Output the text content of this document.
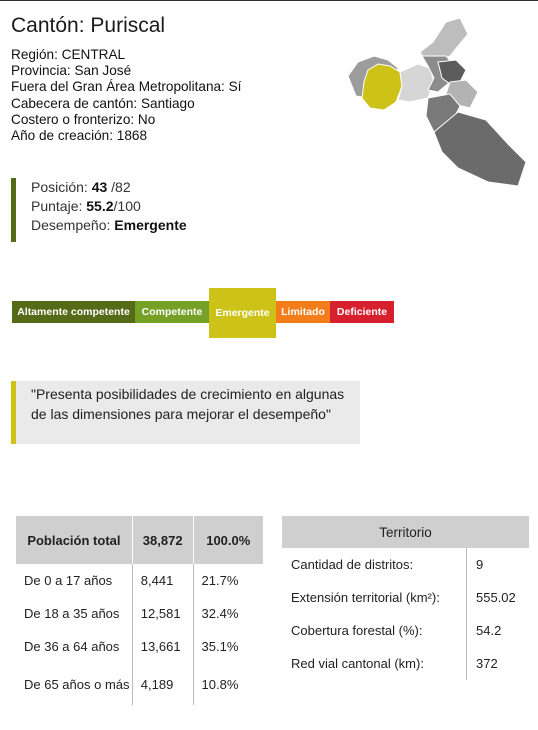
Cantón: Puriscal
Región: CENTRAL
Provincia: San José
Fuera del Gran Área Metropolitana: Sí
Cabecera de cantón: Santiago
Costero o fronterizo: No
Año de creación: 1868
Posición: 43 /82
Puntaje: 55.2/100
Desempeño: Emergente
Altamente competente	Competente	Emergente	Limitado	Deficiente
"Presenta posibilidades de crecimiento en algunas de las dimensiones para mejorar el desempeño"
Población total	38,872	100.0%
De 0 a 17 años	8,441	21.7%
De 18 a 35 años	12,581	32.4%
De 36 a 64 años	13,661	35.1%
De 65 años o más	4,189	10.8%
Territorio	
Cantidad de distritos:	9
Extensión territorial (km²):	555.02
Cobertura forestal (%):	54.2
Red vial cantonal (km):	372
